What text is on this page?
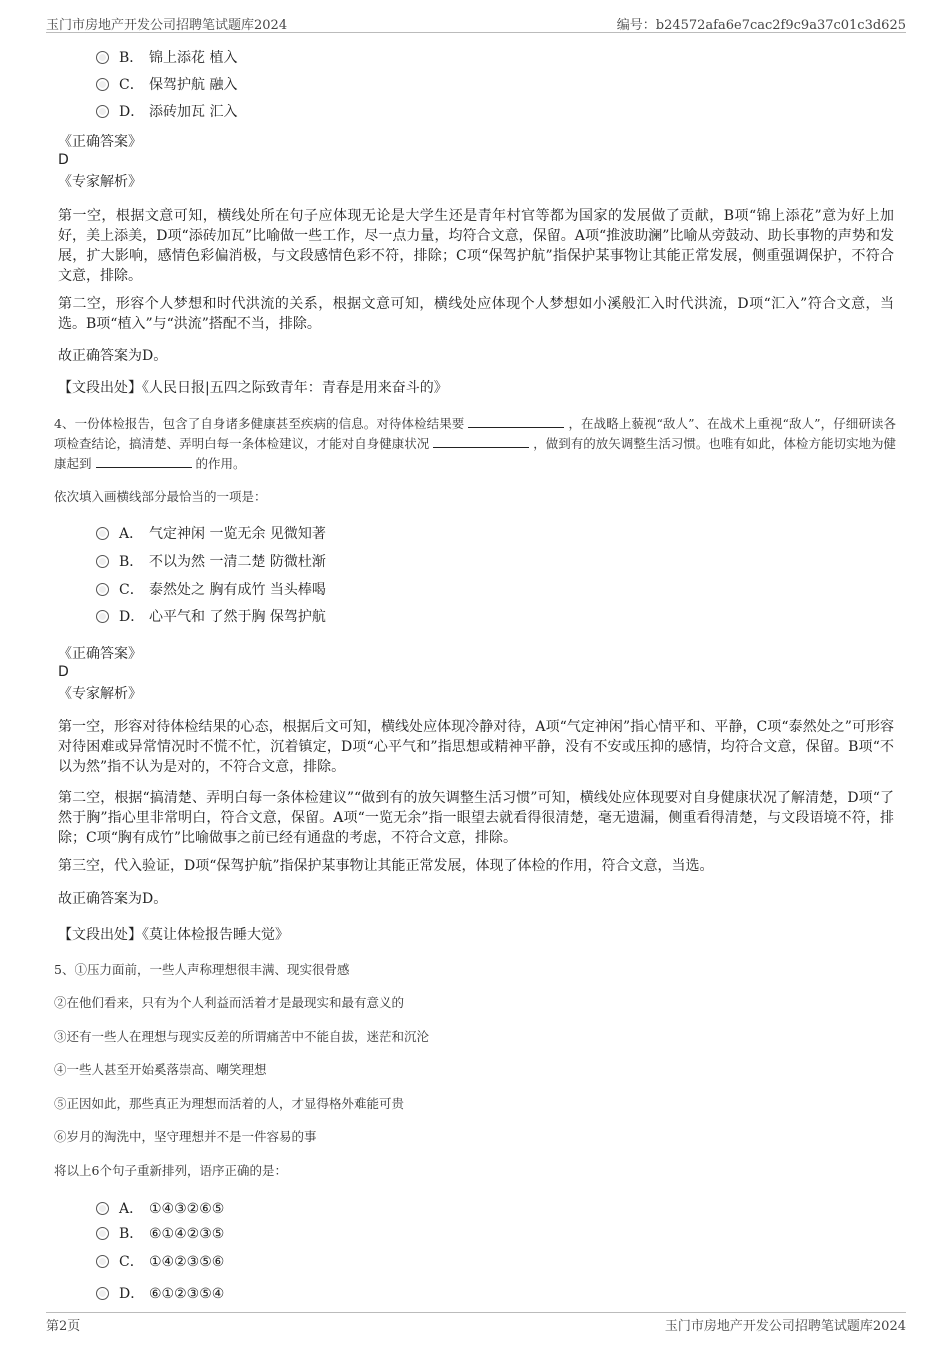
玉门市房地产开发公司招聘笔试题库2024	编号：b24572afa6e7cac2f9c9a37c01c3d625
B． 锦上添花 植入
C． 保驾护航 融入
D． 添砖加瓦 汇入
《正确答案》
D
《专家解析》
第一空，根据文意可知，横线处所在句子应体现无论是大学生还是青年村官等都为国家的发展做了贡献，B项“锦上添花”意为好上加好，美上添美，D项“添砖加瓦”比喻做一些工作，尽一点力量，均符合文意，保留。A项“推波助澜”比喻从旁鼓动、助长事物的声势和发展，扩大影响，感情色彩偏消极，与文段感情色彩不符，排除；C项“保驾护航”指保护某事物让其能正常发展，侧重强调保护，不符合文意，排除。
第二空，形容个人梦想和时代洪流的关系，根据文意可知，横线处应体现个人梦想如小溪般汇入时代洪流，D项“汇入”符合文意，当选。B项“植入”与“洪流”搭配不当，排除。
故正确答案为D。
【文段出处】《人民日报|五四之际致青年：青春是用来奋斗的》
4、一份体检报告，包含了自身诸多健康甚至疾病的信息。对待体检结果要	，在战略上藐视“敌人”、在战术上重视“敌人”，仔细研读各项检查结论，搞清楚、弄明白每一条体检建议，才能对自身健康状况	，做到有的放矢调整生活习惯。也唯有如此，体检方能切实地为健康起到	的作用。
依次填入画横线部分最恰当的一项是：
A． 气定神闲 一览无余 见微知著
B． 不以为然 一清二楚 防微杜渐
C． 泰然处之 胸有成竹 当头棒喝
D． 心平气和 了然于胸 保驾护航
《正确答案》
D
《专家解析》
第一空，形容对待体检结果的心态，根据后文可知，横线处应体现冷静对待，A项“气定神闲”指心情平和、平静，C项“泰然处之”可形容对待困难或异常情况时不慌不忙，沉着镇定，D项“心平气和”指思想或精神平静，没有不安或压抑的感情，均符合文意，保留。B项“不以为然”指不认为是对的，不符合文意，排除。
第二空，根据“搞清楚、弄明白每一条体检建议”“做到有的放矢调整生活习惯”可知，横线处应体现要对自身健康状况了解清楚，D项“了然于胸”指心里非常明白，符合文意，保留。A项“一览无余”指一眼望去就看得很清楚，毫无遗漏，侧重看得清楚，与文段语境不符，排除；C项“胸有成竹”比喻做事之前已经有通盘的考虑，不符合文意，排除。
第三空，代入验证，D项“保驾护航”指保护某事物让其能正常发展，体现了体检的作用，符合文意，当选。
故正确答案为D。
【文段出处】《莫让体检报告睡大觉》
5、①压力面前，一些人声称理想很丰满、现实很骨感
②在他们看来，只有为个人利益而活着才是最现实和最有意义的
③还有一些人在理想与现实反差的所谓痛苦中不能自拔，迷茫和沉沦
④一些人甚至开始奚落崇高、嘲笑理想
⑤正因如此，那些真正为理想而活着的人，才显得格外难能可贵
⑥岁月的淘洗中，坚守理想并不是一件容易的事
将以上6个句子重新排列，语序正确的是：
A． ①④③②⑥⑤
B． ⑥①④②③⑤
C． ①④②③⑤⑥
D． ⑥①②③⑤④
第2页	玉门市房地产开发公司招聘笔试题库2024
